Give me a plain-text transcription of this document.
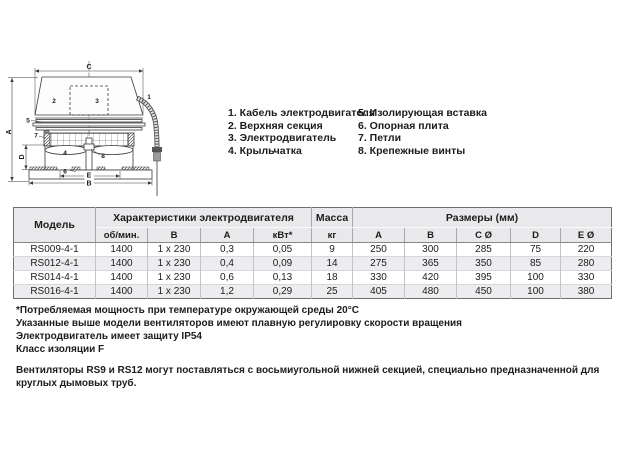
C
A
D
E
B
1
2	3
4
5
6
7
8
1. Кабель электродвигателя
2. Верхняя секция
3. Электродвигатель
4. Крыльчатка
5. Изолирующая вставка
6. Опорная плита
7. Петли
8. Крепежные винты
Модель	Характеристики электродвигателя				Масса	Размеры (мм)				
	об/мин.	В	А	кВт*	кг	A	B	C Ø	D	E Ø
RS009-4-1	1400	1 x 230	0,3	0,05	9	250	300	285	75	220
RS012-4-1	1400	1 x 230	0,4	0,09	14	275	365	350	85	280
RS014-4-1	1400	1 x 230	0,6	0,13	18	330	420	395	100	330
RS016-4-1	1400	1 x 230	1,2	0,29	25	405	480	450	100	380
*Потребляемая мощность при температуре окружающей среды 20°С
Указанные выше модели вентиляторов имеют плавную регулировку скорости вращения
Электродвигатель имеет защиту IP54
Класс изоляции F
Вентиляторы RS9 и RS12 могут поставляться с восьмиугольной нижней секцией, специально предназначенной для круглых дымовых труб.
